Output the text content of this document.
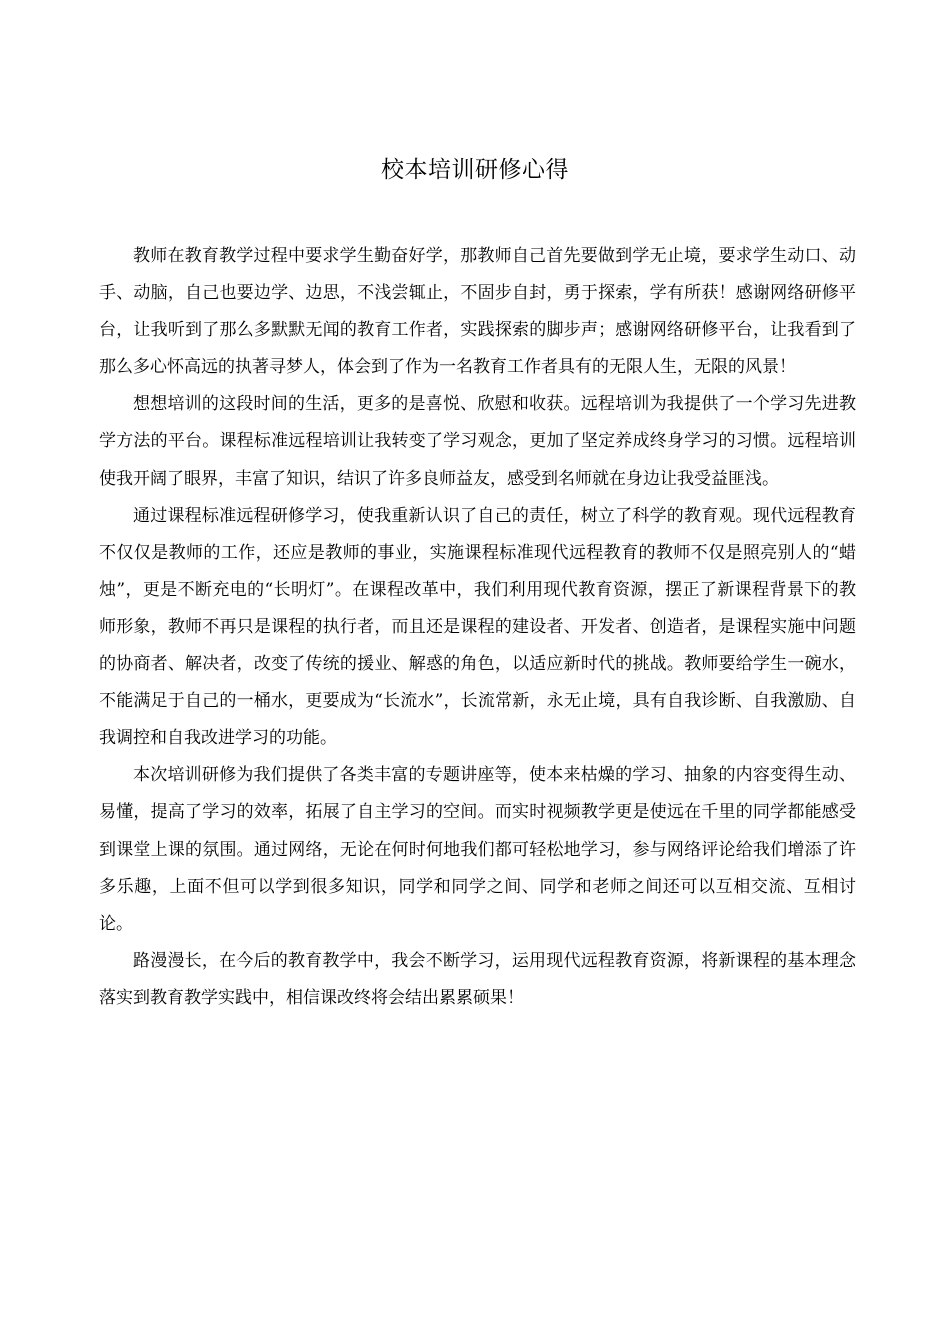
校本培训研修心得

教师在教育教学过程中要求学生勤奋好学，那教师自己首先要做到学无止境，要求学生动口、动手、动脑，自己也要边学、边思，不浅尝辄止，不固步自封，勇于探索，学有所获！感谢网络研修平台，让我听到了那么多默默无闻的教育工作者，实践探索的脚步声；感谢网络研修平台，让我看到了那么多心怀高远的执著寻梦人，体会到了作为一名教育工作者具有的无限人生，无限的风景！

想想培训的这段时间的生活，更多的是喜悦、欣慰和收获。远程培训为我提供了一个学习先进教学方法的平台。课程标准远程培训让我转变了学习观念，更加了坚定养成终身学习的习惯。远程培训使我开阔了眼界，丰富了知识，结识了许多良师益友，感受到名师就在身边让我受益匪浅。

通过课程标准远程研修学习，使我重新认识了自己的责任，树立了科学的教育观。现代远程教育不仅仅是教师的工作，还应是教师的事业，实施课程标准现代远程教育的教师不仅是照亮别人的“蜡烛”，更是不断充电的“长明灯”。在课程改革中，我们利用现代教育资源，摆正了新课程背景下的教师形象，教师不再只是课程的执行者，而且还是课程的建设者、开发者、创造者，是课程实施中问题的协商者、解决者，改变了传统的援业、解惑的角色，以适应新时代的挑战。教师要给学生一碗水，不能满足于自己的一桶水，更要成为“长流水”，长流常新，永无止境，具有自我诊断、自我激励、自我调控和自我改进学习的功能。

本次培训研修为我们提供了各类丰富的专题讲座等，使本来枯燥的学习、抽象的内容变得生动、易懂，提高了学习的效率，拓展了自主学习的空间。而实时视频教学更是使远在千里的同学都能感受到课堂上课的氛围。通过网络，无论在何时何地我们都可轻松地学习，参与网络评论给我们增添了许多乐趣，上面不但可以学到很多知识，同学和同学之间、同学和老师之间还可以互相交流、互相讨论。

路漫漫长，在今后的教育教学中，我会不断学习，运用现代远程教育资源，将新课程的基本理念落实到教育教学实践中，相信课改终将会结出累累硕果！
